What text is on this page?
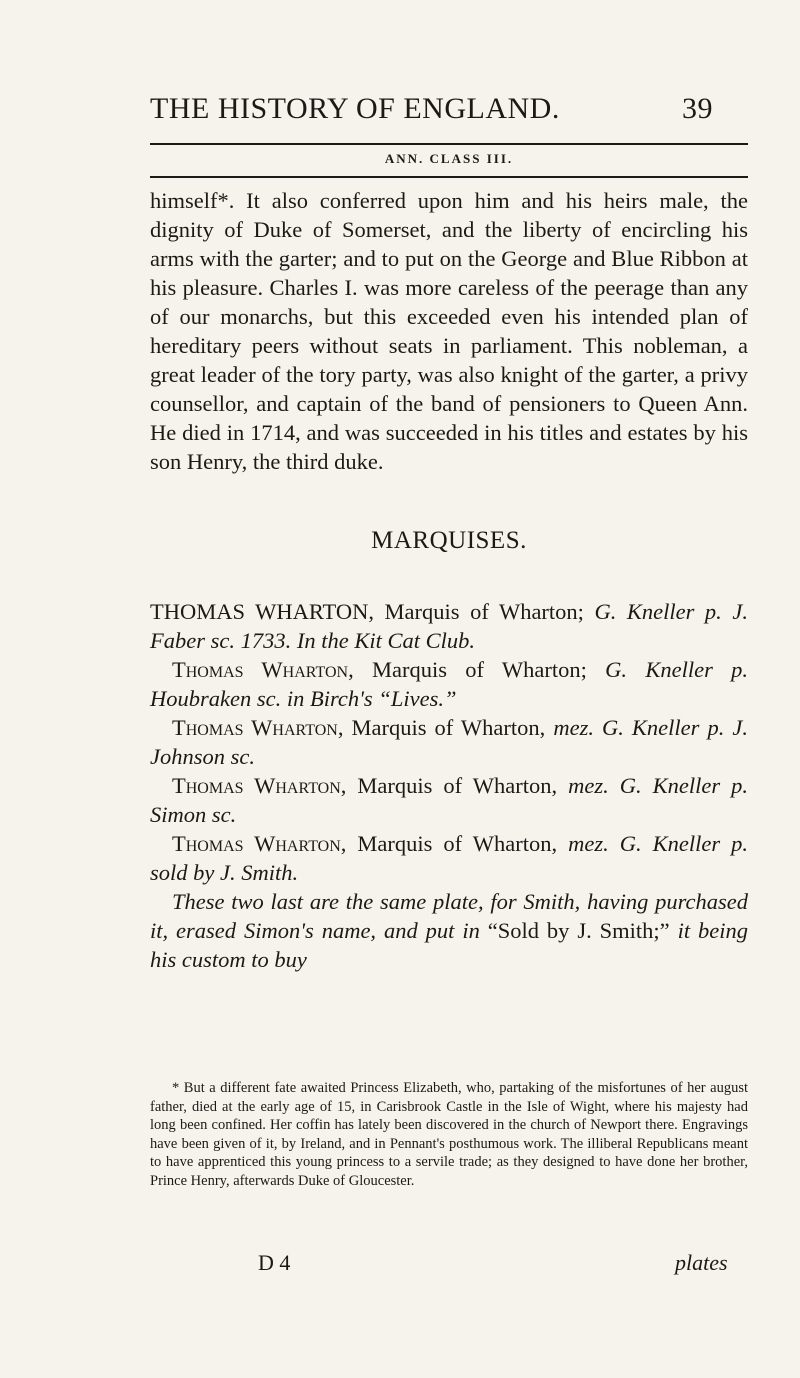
THE HISTORY OF ENGLAND.	39
ANN. CLASS III.

himself*. It also conferred upon him and his heirs male, the dignity of Duke of Somerset, and the liberty of encircling his arms with the garter; and to put on the George and Blue Ribbon at his pleasure. Charles I. was more careless of the peerage than any of our monarchs, but this exceeded even his intended plan of hereditary peers without seats in parliament. This nobleman, a great leader of the tory party, was also knight of the garter, a privy counsellor, and captain of the band of pensioners to Queen Ann. He died in 1714, and was succeeded in his titles and estates by his son Henry, the third duke.

MARQUISES.

THOMAS WHARTON, Marquis of Wharton; G. Kneller p. J. Faber sc. 1733. In the Kit Cat Club.

Thomas Wharton, Marquis of Wharton; G. Kneller p. Houbraken sc. in Birch's “Lives.”

Thomas Wharton, Marquis of Wharton, mez. G. Kneller p. J. Johnson sc.

Thomas Wharton, Marquis of Wharton, mez. G. Kneller p. Simon sc.

Thomas Wharton, Marquis of Wharton, mez. G. Kneller p. sold by J. Smith.

These two last are the same plate, for Smith, having purchased it, erased Simon's name, and put in “Sold by J. Smith;” it being his custom to buy

* But a different fate awaited Princess Elizabeth, who, partaking of the misfortunes of her august father, died at the early age of 15, in Carisbrook Castle in the Isle of Wight, where his majesty had long been confined. Her coffin has lately been discovered in the church of Newport there. Engravings have been given of it, by Ireland, and in Pennant's posthumous work. The illiberal Republicans meant to have apprenticed this young princess to a servile trade; as they designed to have done her brother, Prince Henry, afterwards Duke of Gloucester.
D 4	plates
